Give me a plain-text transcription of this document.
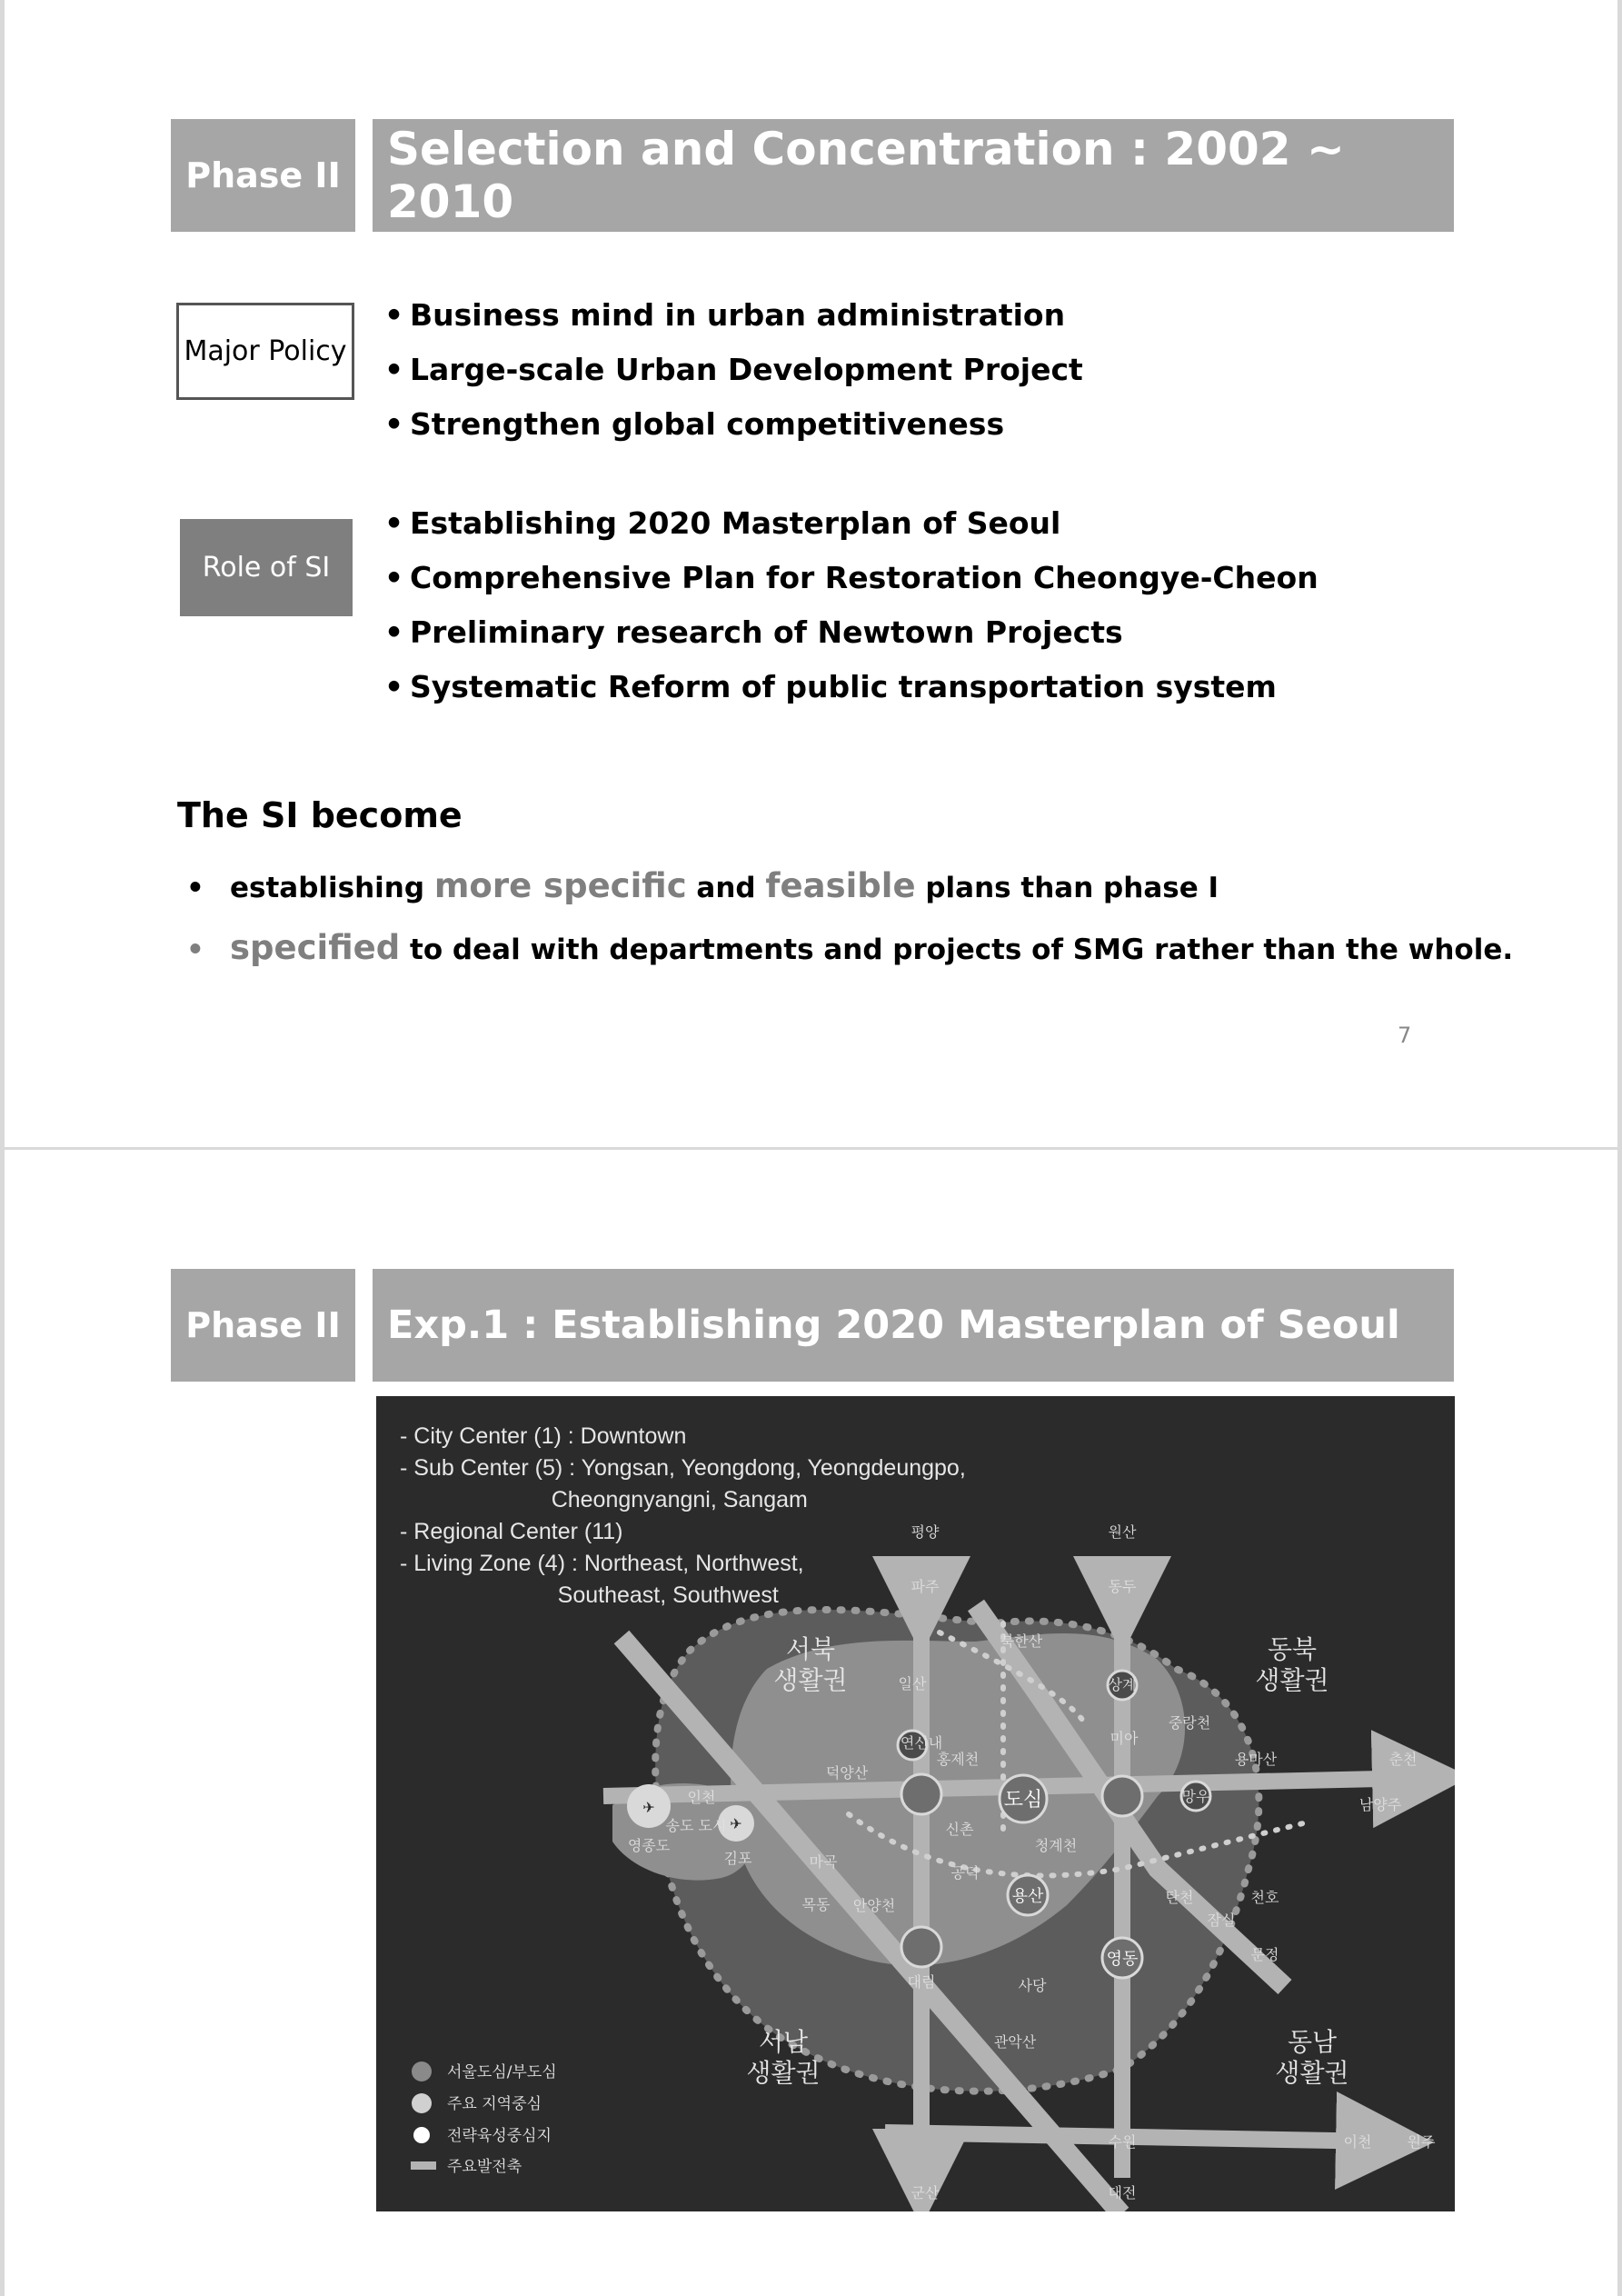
Phase II	Selection and Concentration : 2002 ~ 2010
Major Policy
• Business mind in urban administration
• Large-scale Urban Development Project
• Strengthen global competitiveness
Role of SI
• Establishing 2020 Masterplan of Seoul
• Comprehensive Plan for Restoration Cheongye-Cheon
• Preliminary research of Newtown Projects
• Systematic Reform of public transportation system
The SI become
• establishing more specific and feasible plans than phase I
• specified to deal with departments and projects of SMG rather than the whole.
7
Phase II	Exp.1 : Establishing 2020 Masterplan of Seoul
- City Center (1) : Downtown
- Sub Center (5) : Yongsan, Yeongdong, Yeongdeungpo,
Cheongnyangni, Sangam
- Regional Center (11)
- Living Zone (4) : Northeast, Northwest,
Southeast, Southwest
서북
생활권
동북
생활권
서남
생활권
동남
생활권
도심
용산
영동
평양	원산
파주	동두
북한산
일산	상계
중랑천
연신내
홍제천
미아
망우
용마산	춘천
남양주
덕양산
✈
영종도
인천
송도 도시 ✈
김포	마곡
신촌
청계천
공덕
목동 안양천	탄천
잠실
천호
문정
대림	사당
관악산
수원
군산	대전
이천 원주
서울도심/부도심
주요 지역중심
전략육성중심지
주요발전축
